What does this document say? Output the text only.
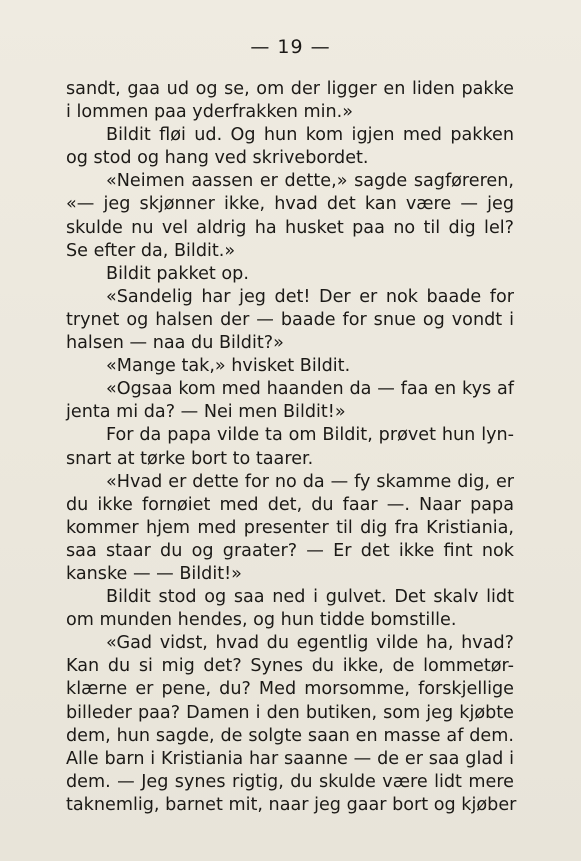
— 19 —
sandt, gaa ud og se, om der ligger en liden pakke
i lommen paa yderfrakken min.»
Bildit fløi ud. Og hun kom igjen med pakken
og stod og hang ved skrivebordet.
«Neimen aassen er dette,» sagde sagføreren,
«— jeg skjønner ikke, hvad det kan være — jeg
skulde nu vel aldrig ha husket paa no til dig lel?
Se efter da, Bildit.»
Bildit pakket op.
«Sandelig har jeg det! Der er nok baade for
trynet og halsen der — baade for snue og vondt i
halsen — naa du Bildit?»
«Mange tak,» hvisket Bildit.
«Ogsaa kom med haanden da — faa en kys af
jenta mi da? — Nei men Bildit!»
For da papa vilde ta om Bildit, prøvet hun lyn-
snart at tørke bort to taarer.
«Hvad er dette for no da — fy skamme dig, er
du ikke fornøiet med det, du faar —. Naar papa
kommer hjem med presenter til dig fra Kristiania,
saa staar du og graater? — Er det ikke fint nok
kanske — — Bildit!»
Bildit stod og saa ned i gulvet. Det skalv lidt
om munden hendes, og hun tidde bomstille.
«Gad vidst, hvad du egentlig vilde ha, hvad?
Kan du si mig det? Synes du ikke, de lommetør-
klærne er pene, du? Med morsomme, forskjellige
billeder paa? Damen i den butiken, som jeg kjøbte
dem, hun sagde, de solgte saan en masse af dem.
Alle barn i Kristiania har saanne — de er saa glad i
dem. — Jeg synes rigtig, du skulde være lidt mere
taknemlig, barnet mit, naar jeg gaar bort og kjøber
